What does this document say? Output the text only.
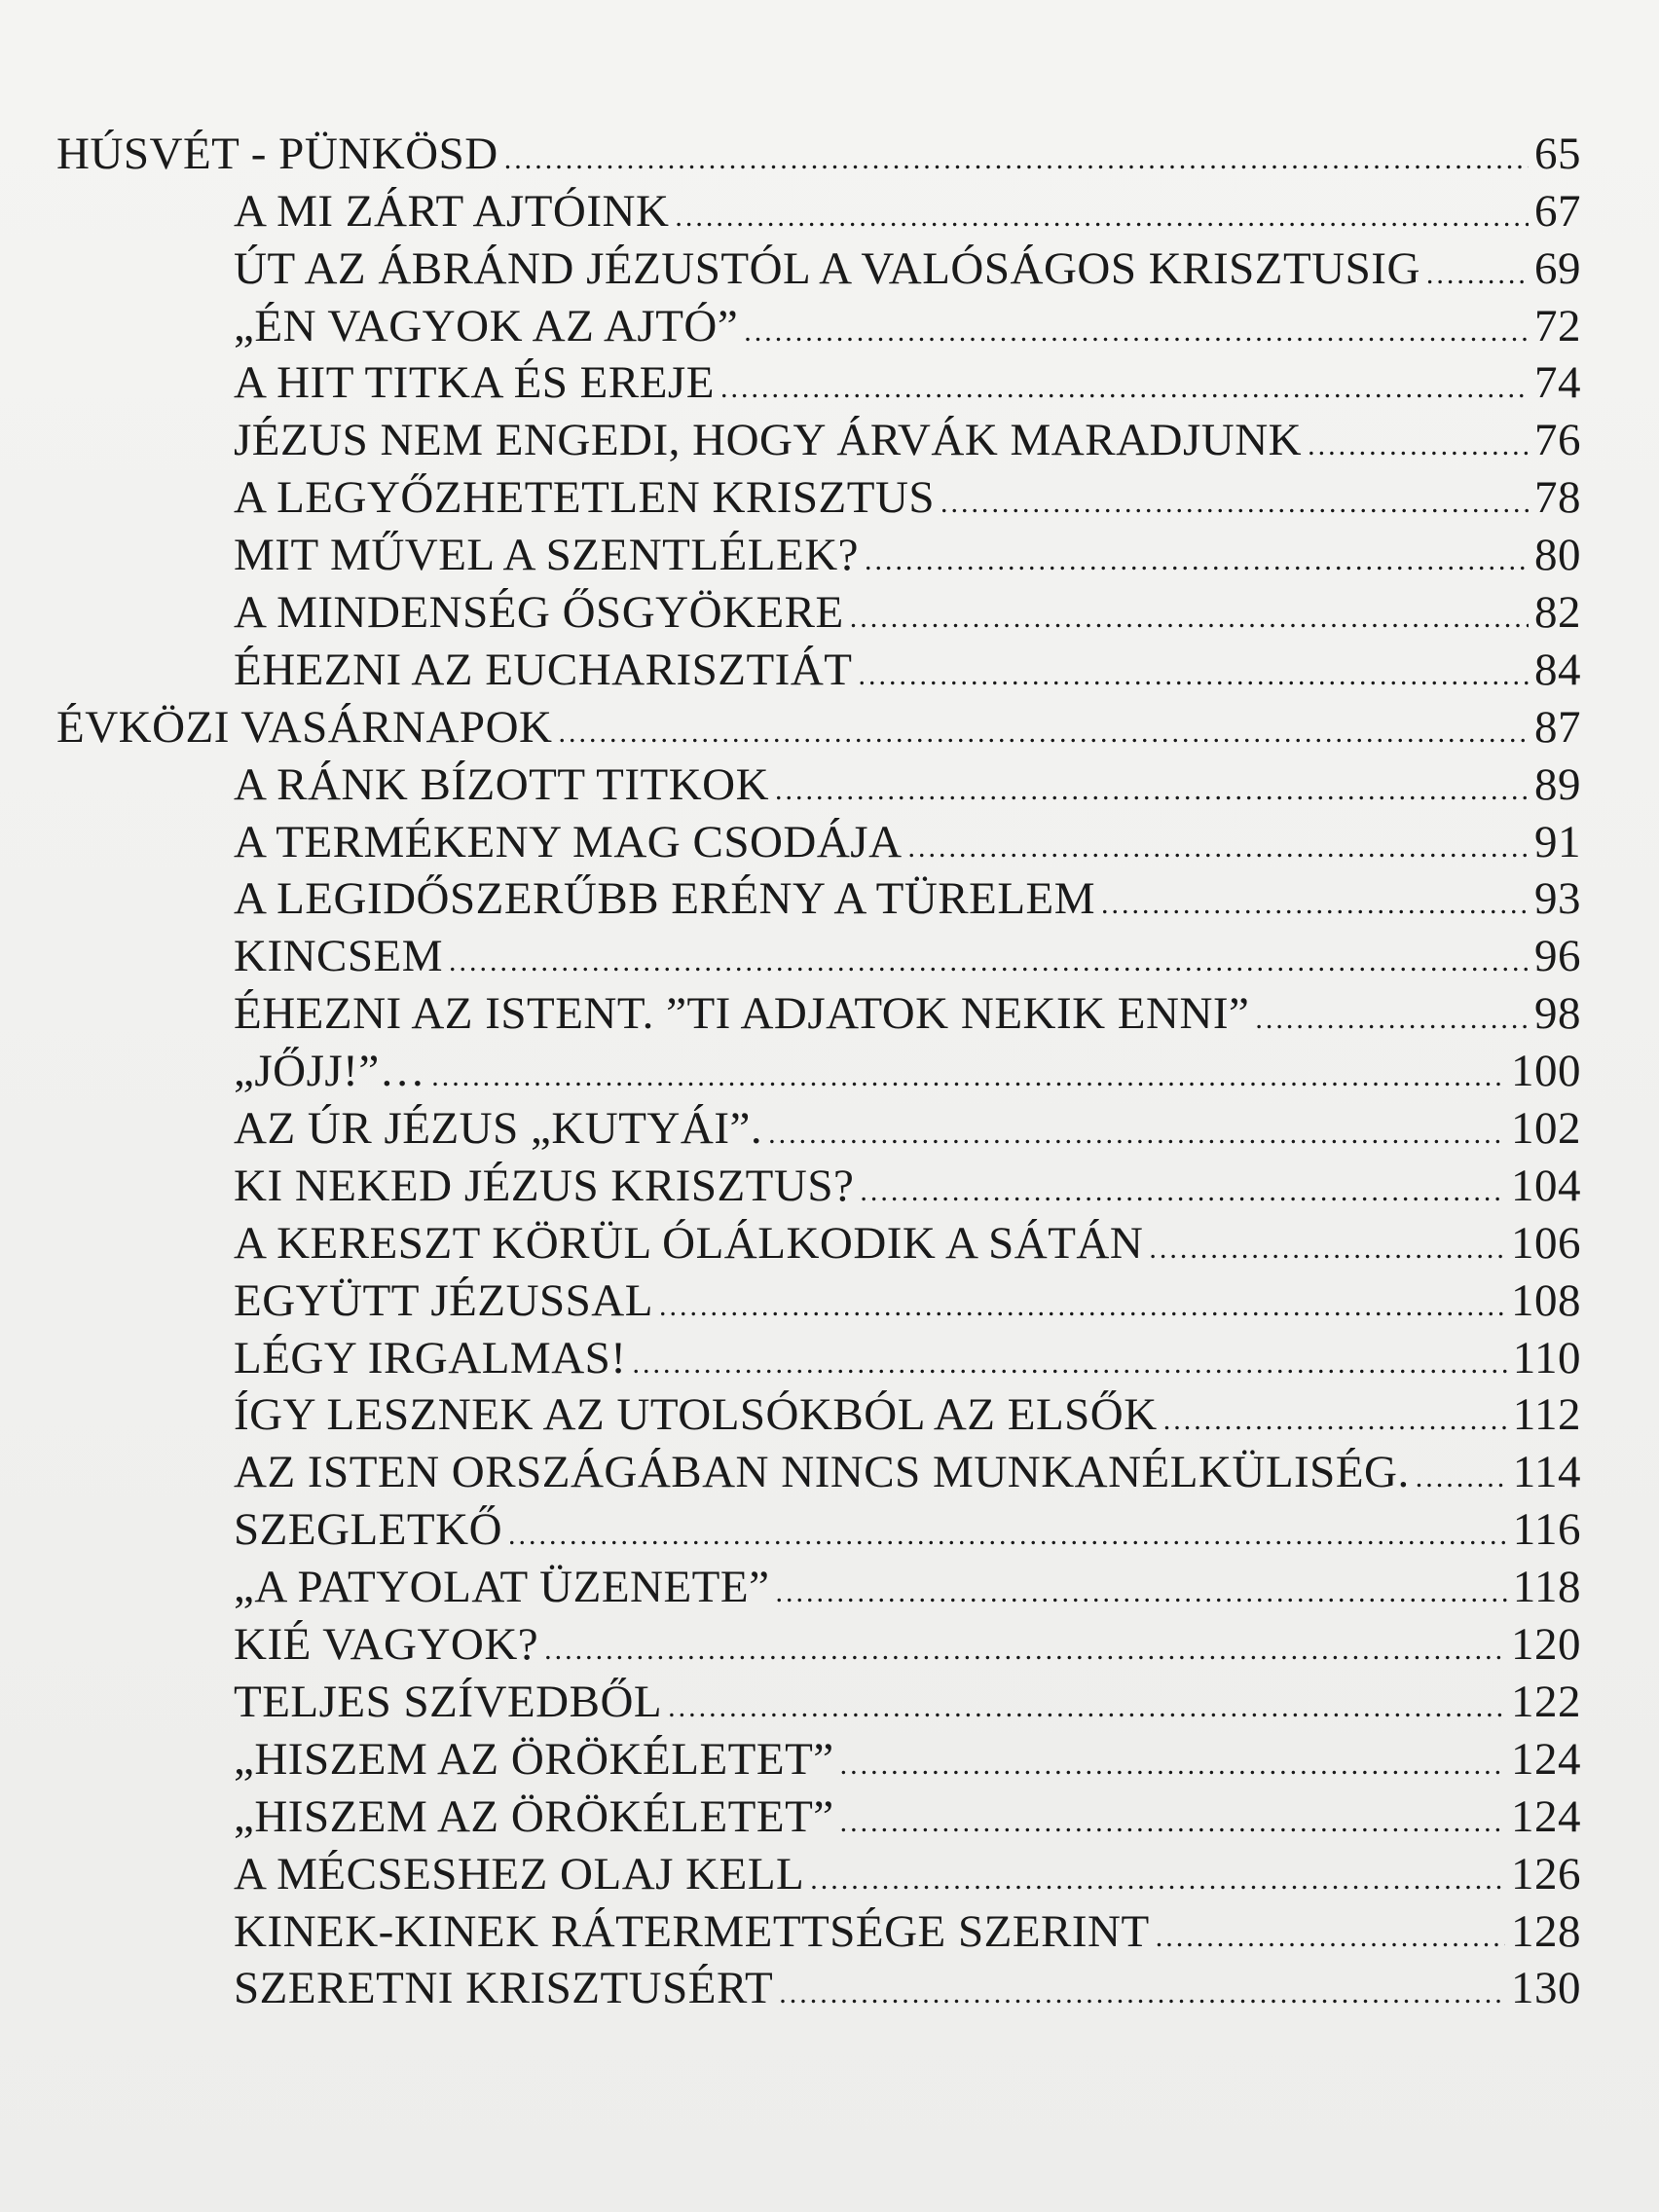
HÚSVÉT - PÜNKÖSD .....	65
A MI ZÁRT AJTÓINK .....	67
ÚT AZ ÁBRÁND JÉZUSTÓL A VALÓSÁGOS KRISZTUSIG ..... 69
„ÉN VAGYOK AZ AJTÓ” .....	72
A HIT TITKA ÉS EREJE .....	74
JÉZUS NEM ENGEDI, HOGY ÁRVÁK MARADJUNK .....	76
A LEGYŐZHETETLEN KRISZTUS .....	78
MIT MŰVEL A SZENTLÉLEK? .....	80
A MINDENSÉG ŐSGYÖKERE .....	82
ÉHEZNI AZ EUCHARISZTIÁT .....	84
ÉVKÖZI VASÁRNAPOK .....	87
A RÁNK BÍZOTT TITKOK .....	89
A TERMÉKENY MAG CSODÁJA .....	91
A LEGIDŐSZERŰBB ERÉNY A TÜRELEM .....	93
KINCSEM .....	96
ÉHEZNI AZ ISTENT. ”TI ADJATOK NEKIK ENNI” .....	98
„JŐJJ!”… .....	100
AZ ÚR JÉZUS „KUTYÁI”. .....	102
KI NEKED JÉZUS KRISZTUS? .....	104
A KERESZT KÖRÜL ÓLÁLKODIK A SÁTÁN .....	106
EGYÜTT JÉZUSSAL .....	108
LÉGY IRGALMAS! .....	110
ÍGY LESZNEK AZ UTOLSÓKBÓL AZ ELSŐK .....	112
AZ ISTEN ORSZÁGÁBAN NINCS MUNKANÉLKÜLISÉG. ..... 114
SZEGLETKŐ .....	116
„A PATYOLAT ÜZENETE” .....	118
KIÉ VAGYOK? .....	120
TELJES SZÍVEDBŐL .....	122
„HISZEM AZ ÖRÖKÉLETET” .....	124
„HISZEM AZ ÖRÖKÉLETET” .....	124
A MÉCSESHEZ OLAJ KELL .....	126
KINEK-KINEK RÁTERMETTSÉGE SZERINT .....	128
SZERETNI KRISZTUSÉRT .....	130
